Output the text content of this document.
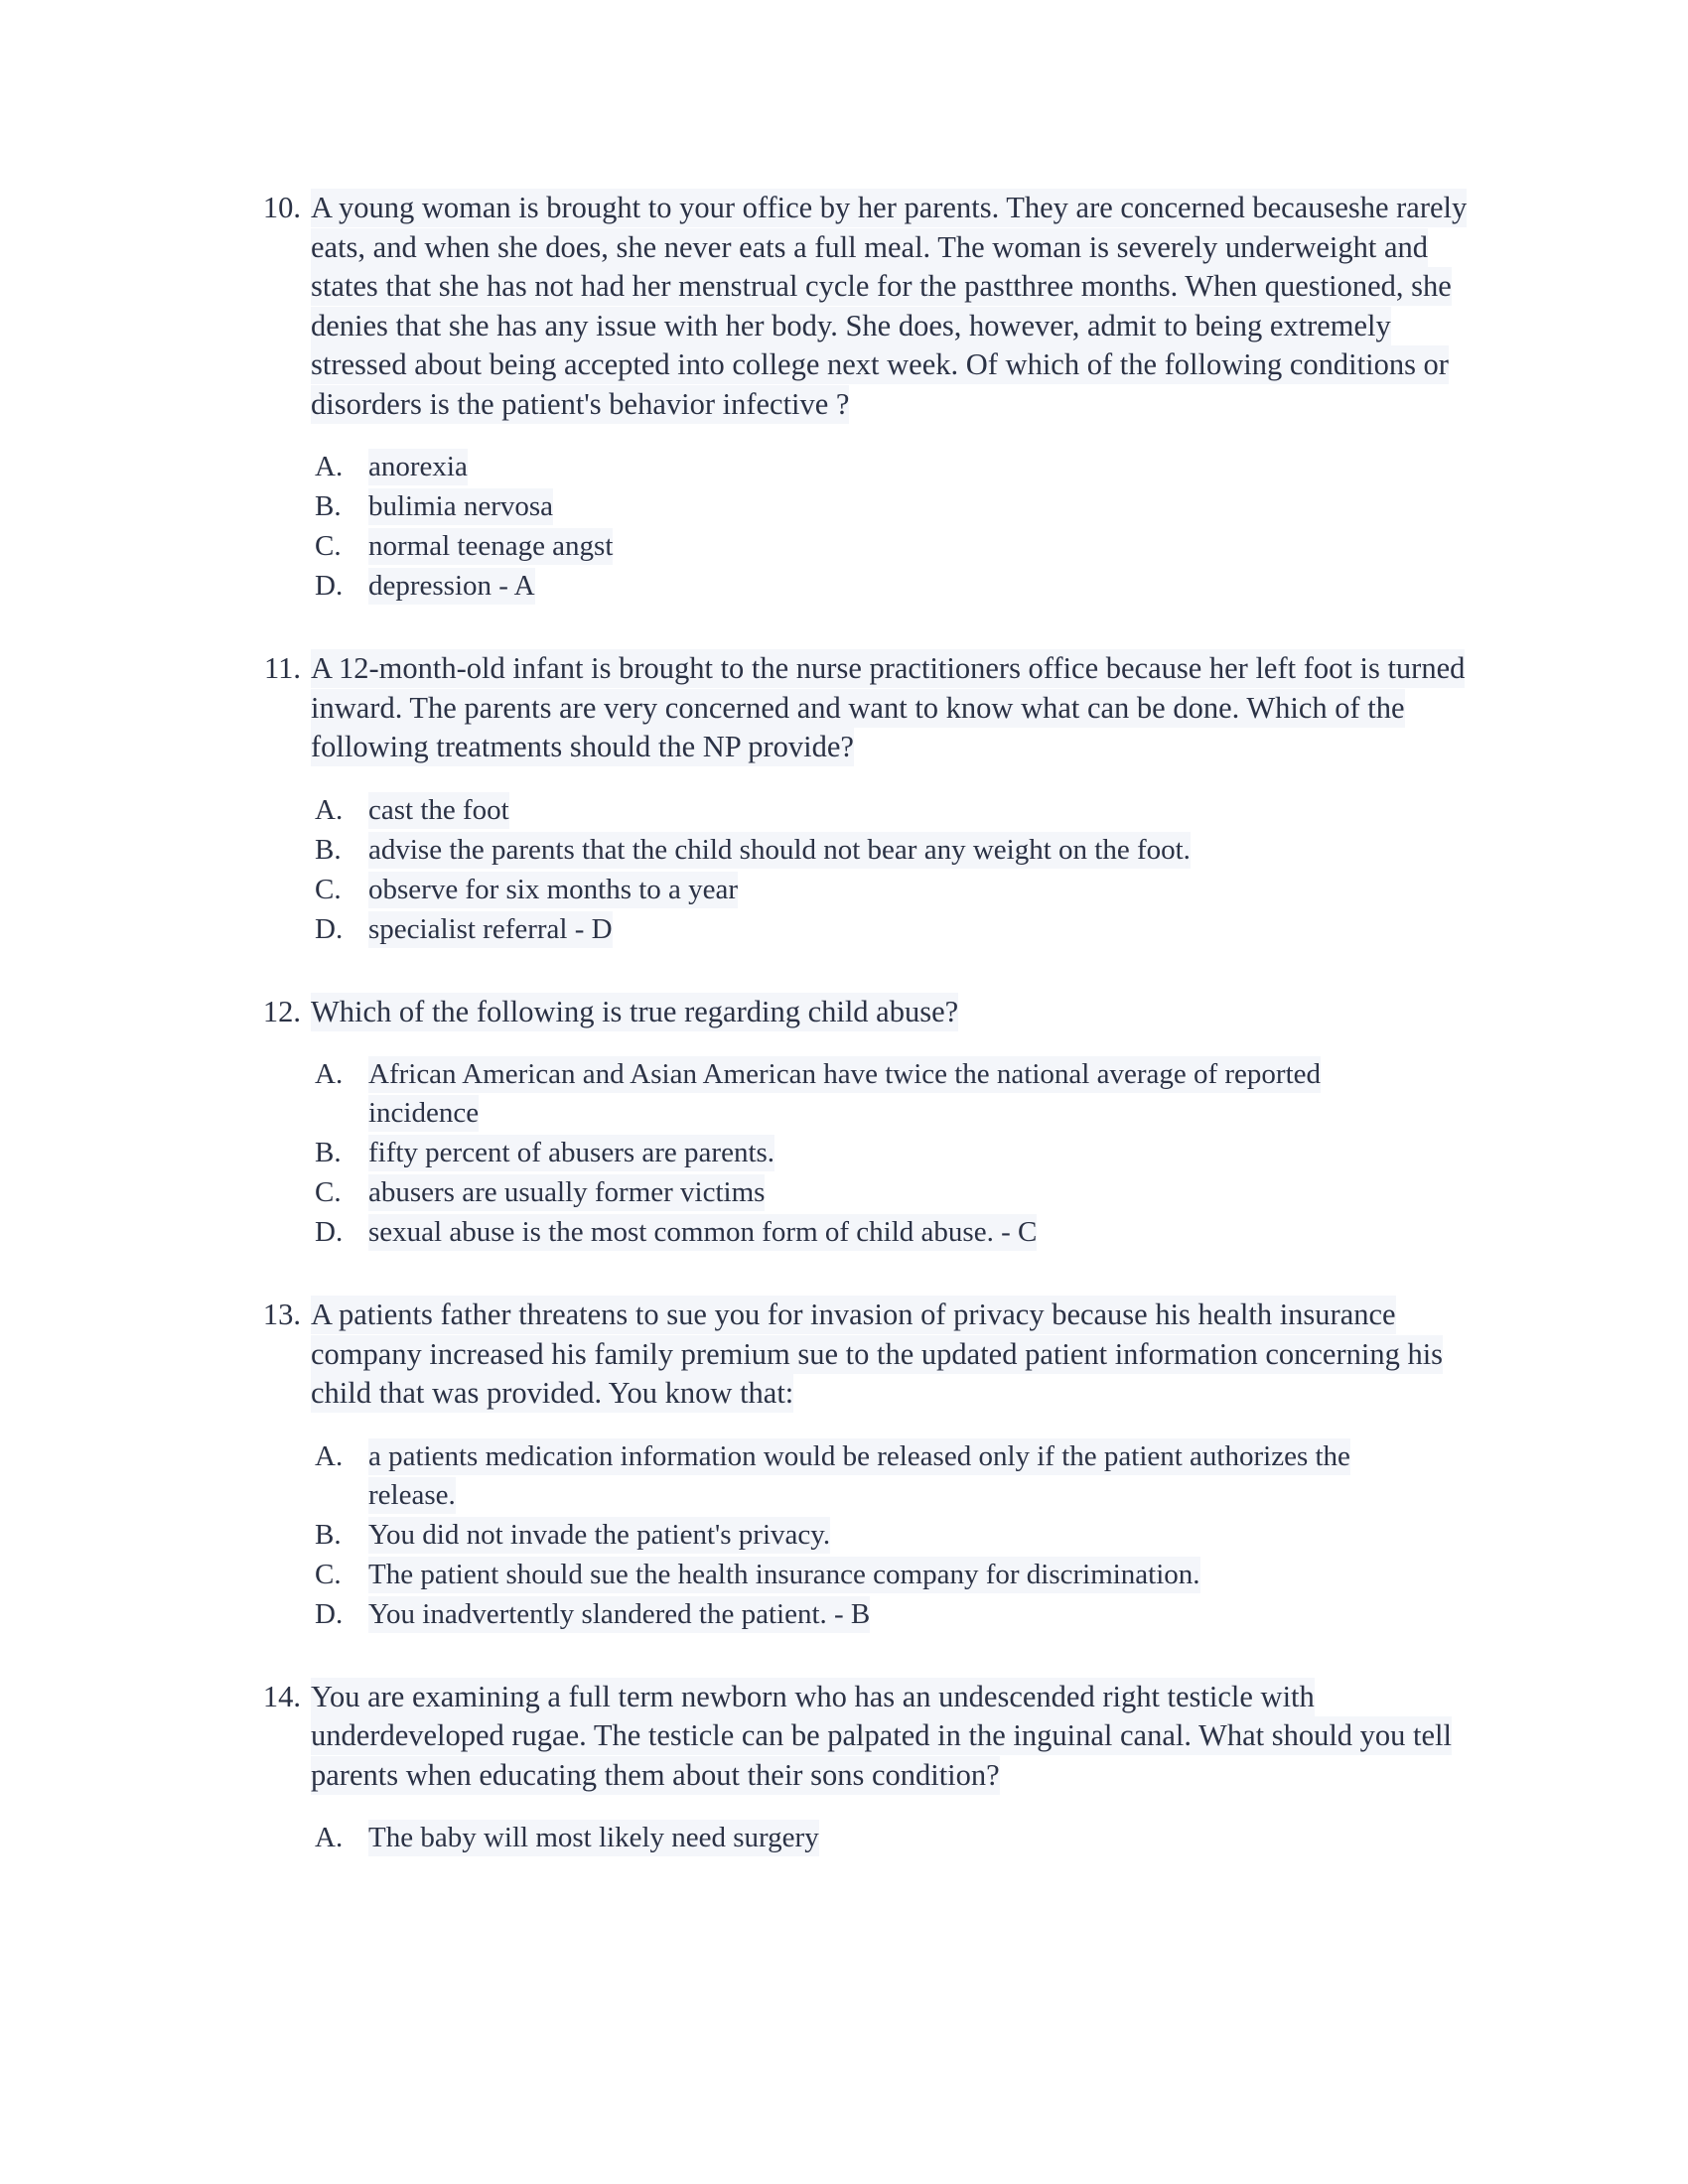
10. A young woman is brought to your office by her parents. They are concerned becauseshe rarely eats, and when she does, she never eats a full meal. The woman is severely underweight and states that she has not had her menstrual cycle for the pastthree months. When questioned, she denies that she has any issue with her body. She does, however, admit to being extremely stressed about being accepted into college next week. Of which of the following conditions or disorders is the patient's behavior infective ?
A. anorexia
B. bulimia nervosa
C. normal teenage angst
D. depression - A
11. A 12-month-old infant is brought to the nurse practitioners office because her left foot is turned inward. The parents are very concerned and want to know what can be done. Which of the following treatments should the NP provide?
A. cast the foot
B. advise the parents that the child should not bear any weight on the foot.
C. observe for six months to a year
D. specialist referral - D
12. Which of the following is true regarding child abuse?
A. African American and Asian American have twice the national average of reported incidence
B. fifty percent of abusers are parents.
C. abusers are usually former victims
D. sexual abuse is the most common form of child abuse. - C
13. A patients father threatens to sue you for invasion of privacy because his health insurance company increased his family premium sue to the updated patient information concerning his child that was provided. You know that:
A. a patients medication information would be released only if the patient authorizes the release.
B. You did not invade the patient's privacy.
C. The patient should sue the health insurance company for discrimination.
D. You inadvertently slandered the patient. - B
14. You are examining a full term newborn who has an undescended right testicle with underdeveloped rugae. The testicle can be palpated in the inguinal canal. What should you tell parents when educating them about their sons condition?
A. The baby will most likely need surgery
